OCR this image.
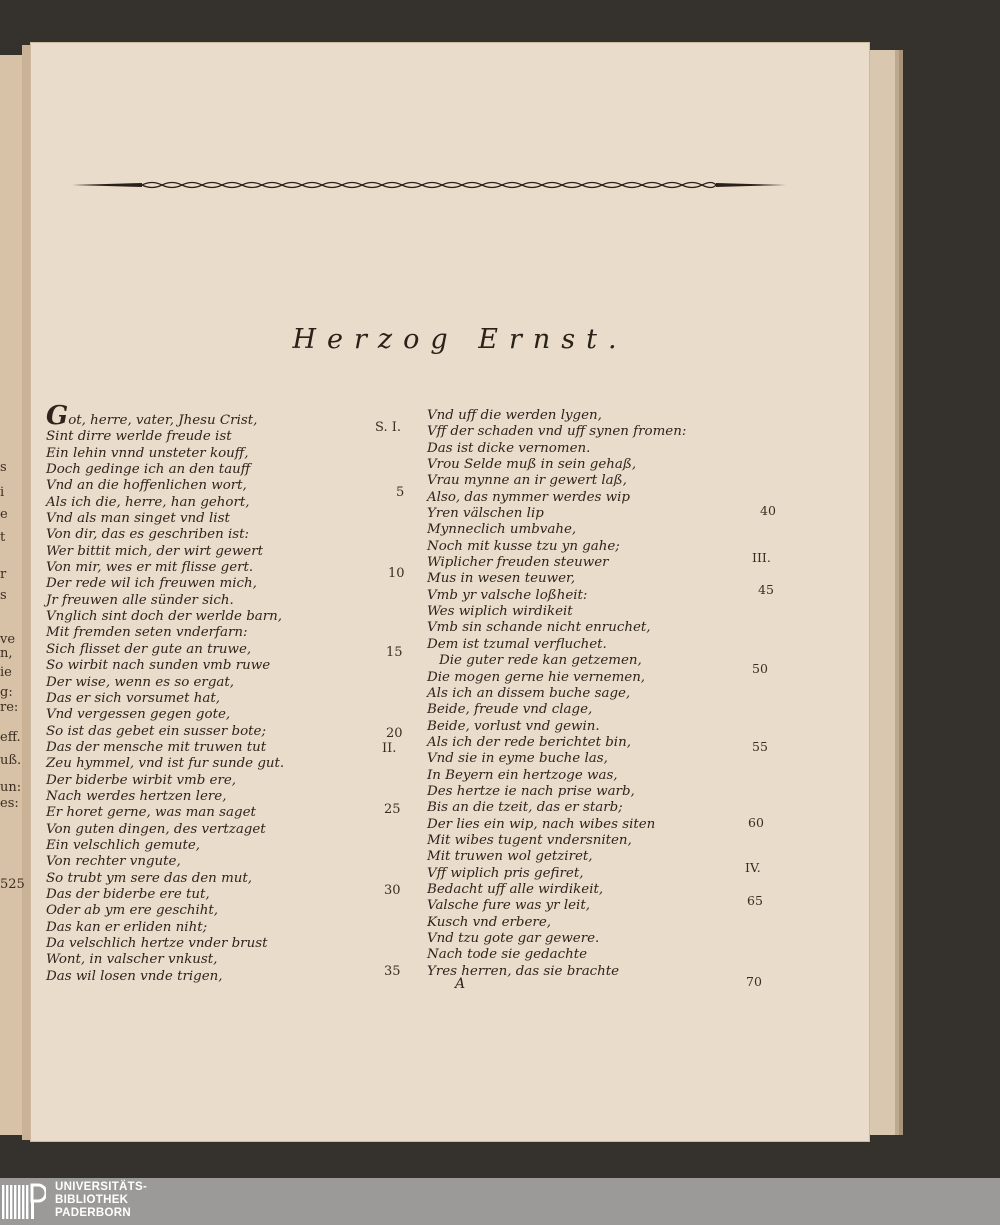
s
i
e
t
r
s
ve
n,
ie
g:
re:
eff.
uß.
un:
es:
525
Herzog Ernst.
Got, herre, vater, Jhesu Crist,
Sint dirre werlde freude ist
Ein lehin vnnd unsteter kouff,
Doch gedinge ich an den tauff
Vnd an die hoffenlichen wort,
Als ich die, herre, han gehort,
Vnd als man singet vnd list
Von dir, das es geschriben ist:
Wer bittit mich, der wirt gewert
Von mir, wes er mit flisse gert.
Der rede wil ich freuwen mich,
Jr freuwen alle sünder sich.
Vnglich sint doch der werlde barn,
Mit fremden seten vnderfarn:
Sich flisset der gute an truwe,
So wirbit nach sunden vmb ruwe
Der wise, wenn es so ergat,
Das er sich vorsumet hat,
Vnd vergessen gegen gote,
So ist das gebet ein susser bote;
Das der mensche mit truwen tut
Zeu hymmel, vnd ist fur sunde gut.
Der biderbe wirbit vmb ere,
Nach werdes hertzen lere,
Er horet gerne, was man saget
Von guten dingen, des vertzaget
Ein velschlich gemute,
Von rechter vngute,
So trubt ym sere das den mut,
Das der biderbe ere tut,
Oder ab ym ere geschiht,
Das kan er erliden niht;
Da velschlich hertze vnder brust
Wont, in valscher vnkust,
Das wil losen vnde trigen,
Vnd uff die werden lygen,
Vff der schaden vnd uff synen fromen:
Das ist dicke vernomen.
Vrou Selde muß in sein gehaß,
Vrau mynne an ir gewert laß,
Also, das nymmer werdes wip
Yren välschen lip
Mynneclich umbvahe,
Noch mit kusse tzu yn gahe;
Wiplicher freuden steuwer
Mus in wesen teuwer,
Vmb yr valsche loßheit:
Wes wiplich wirdikeit
Vmb sin schande nicht enruchet,
Dem ist tzumal verfluchet.
Die guter rede kan getzemen,
Die mogen gerne hie vernemen,
Als ich an dissem buche sage,
Beide, freude vnd clage,
Beide, vorlust vnd gewin.
Als ich der rede berichtet bin,
Vnd sie in eyme buche las,
In Beyern ein hertzoge was,
Des hertze ie nach prise warb,
Bis an die tzeit, das er starb;
Der lies ein wip, nach wibes siten
Mit wibes tugent vndersniten,
Mit truwen wol getziret,
Vff wiplich pris gefiret,
Bedacht uff alle wirdikeit,
Valsche fure was yr leit,
Kusch vnd erbere,
Vnd tzu gote gar gewere.
Nach tode sie gedachte
Yres herren, das sie brachte
S. I.
5
10
15
20
II.
25
30
35
40
III.
45
50
55
60
IV.
65
70
A
UNIVERSITÄTS-
BIBLIOTHEK
PADERBORN
